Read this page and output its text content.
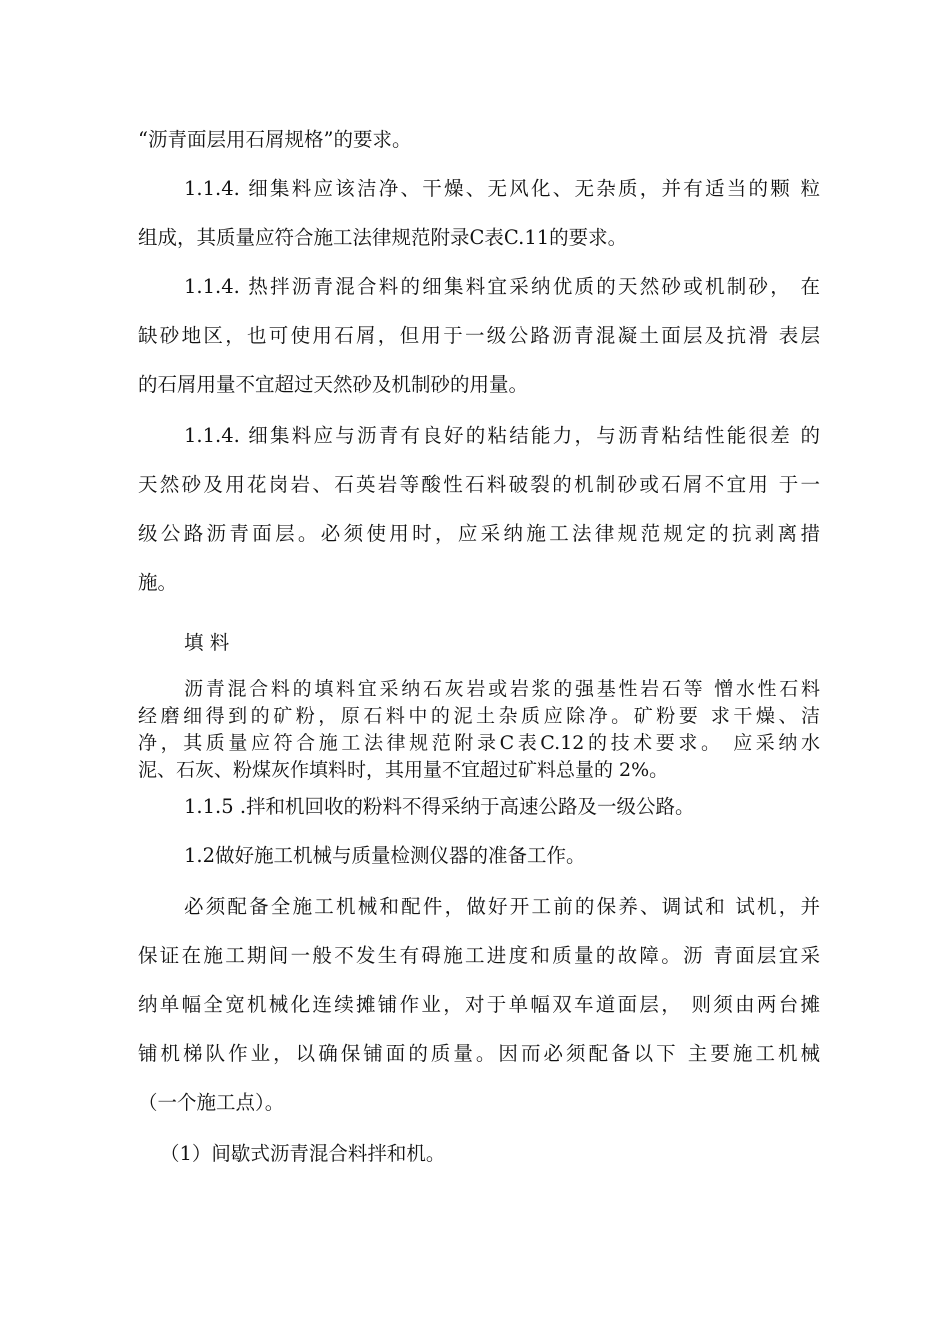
“沥青面层用石屑规格”的要求。
1.1.4. 细集料应该洁净、干燥、无风化、无杂质，并有适当的颗 粒
组成，其质量应符合施工法律规范附录C表C.11的要求。
1.1.4. 热拌沥青混合料的细集料宜采纳优质的天然砂或机制砂， 在
缺砂地区，也可使用石屑，但用于一级公路沥青混凝土面层及抗滑 表层
的石屑用量不宜超过天然砂及机制砂的用量。
1.1.4. 细集料应与沥青有良好的粘结能力，与沥青粘结性能很差 的
天然砂及用花岗岩、石英岩等酸性石料破裂的机制砂或石屑不宜用 于一
级公路沥青面层。必须使用时，应采纳施工法律规范规定的抗剥离措
施。
填 料
沥青混合料的填料宜采纳石灰岩或岩浆的强基性岩石等 憎水性石料
经磨细得到的矿粉，原石料中的泥土杂质应除净。矿粉要 求干燥、洁
净，其质量应符合施工法律规范附录C表C.12的技术要求。 应采纳水
泥、石灰、粉煤灰作填料时，其用量不宜超过矿料总量的 2%。
1.1.5 .拌和机回收的粉料不得采纳于高速公路及一级公路。
1.2做好施工机械与质量检测仪器的准备工作。
必须配备全施工机械和配件，做好开工前的保养、调试和 试机，并
保证在施工期间一般不发生有碍施工进度和质量的故障。沥 青面层宜采
纳单幅全宽机械化连续摊铺作业，对于单幅双车道面层， 则须由两台摊
铺机梯队作业，以确保铺面的质量。因而必须配备以下 主要施工机械
（一个施工点）。
（1）间歇式沥青混合料拌和机。
